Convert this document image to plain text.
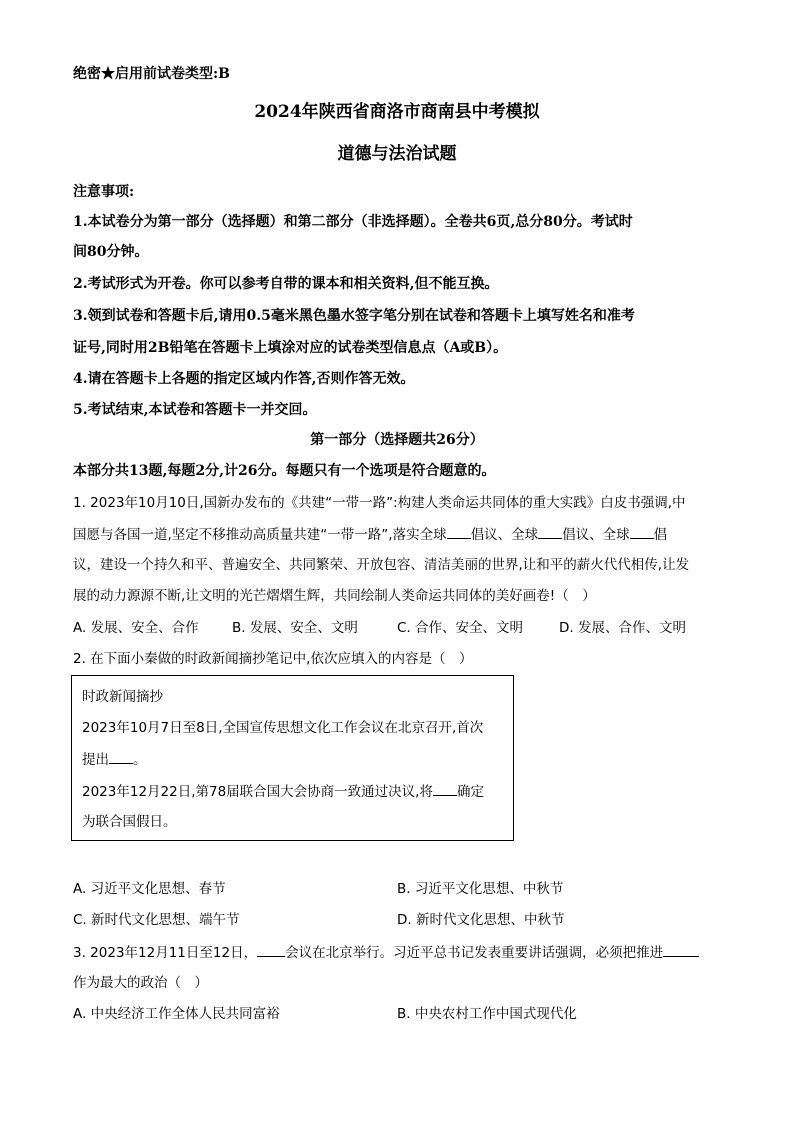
绝密★启用前试卷类型:B
2024年陕西省商洛市商南县中考模拟
道德与法治试题
注意事项:
1.本试卷分为第一部分（选择题）和第二部分（非选择题）。全卷共6页,总分80分。考试时
间80分钟。
2.考试形式为开卷。你可以参考自带的课本和相关资料,但不能互换。
3.领到试卷和答题卡后,请用0.5毫米黑色墨水签字笔分别在试卷和答题卡上填写姓名和准考
证号,同时用2B铅笔在答题卡上填涂对应的试卷类型信息点（A或B）。
4.请在答题卡上各题的指定区域内作答,否则作答无效。
5.考试结束,本试卷和答题卡一并交回。
第一部分（选择题共26分）
本部分共13题,每题2分,计26分。每题只有一个选项是符合题意的。
1. 2023年10月10日,国新办发布的《共建“一带一路”:构建人类命运共同体的重大实践》白皮书强调,中
国愿与各国一道,坚定不移推动高质量共建“一带一路”,落实全球 倡议、全球 倡议、全球 倡
议，建设一个持久和平、普遍安全、共同繁荣、开放包容、清洁美丽的世界,让和平的薪火代代相传,让发
展的动力源源不断,让文明的光芒熠熠生辉，共同绘制人类命运共同体的美好画卷!（　）
A. 发展、安全、合作 B. 发展、安全、文明	C. 合作、安全、文明	D. 发展、合作、文明
2. 在下面小秦做的时政新闻摘抄笔记中,依次应填入的内容是（　）
时政新闻摘抄
2023年10月7日至8日,全国宣传思想文化工作会议在北京召开,首次
提出 。
2023年12月22日,第78届联合国大会协商一致通过决议,将 确定
为联合国假日。
A. 习近平文化思想、春节	B. 习近平文化思想、中秋节
C. 新时代文化思想、端午节	D. 新时代文化思想、中秋节
3. 2023年12月11日至12日， 会议在北京举行。习近平总书记发表重要讲话强调，必须把推进
作为最大的政治（　）
A. 中央经济工作全体人民共同富裕	B. 中央农村工作中国式现代化
